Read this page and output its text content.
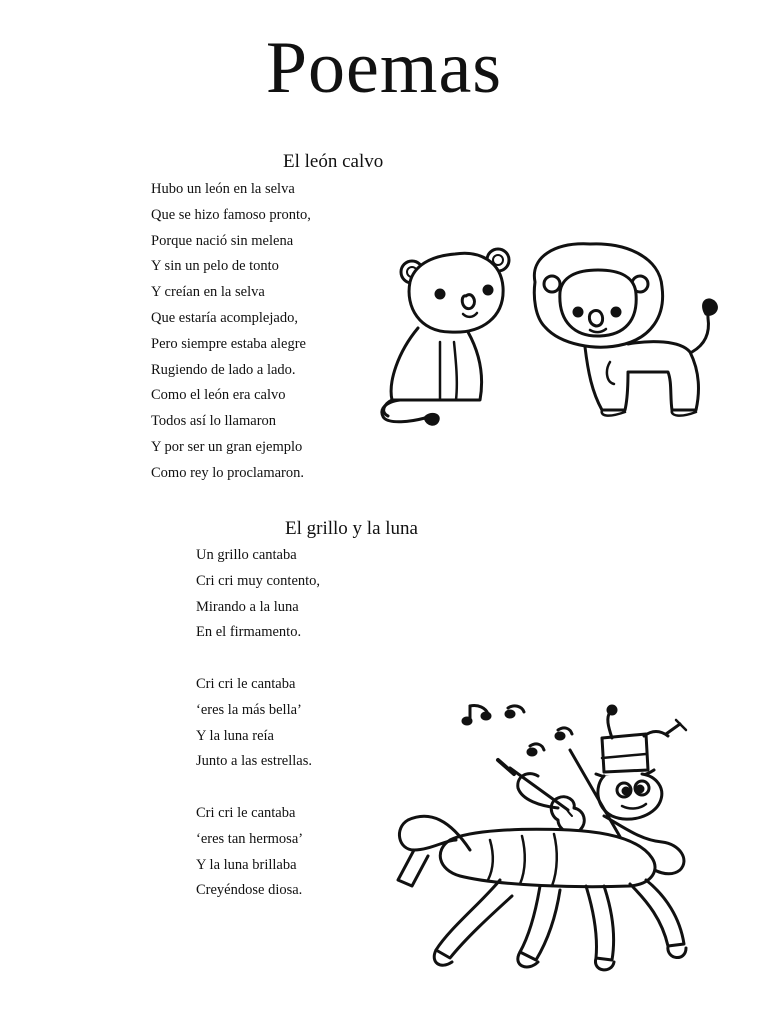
Poemas
El león calvo
Hubo un león en la selva
Que se hizo famoso pronto,
Porque nació sin melena
Y sin un pelo de tonto
Y creían en la selva
Que estaría acomplejado,
Pero siempre estaba alegre
Rugiendo de lado a lado.
Como el león era calvo
Todos así lo llamaron
Y por ser un gran ejemplo
Como rey lo proclamaron.
El grillo y la luna
Un grillo cantaba
Cri cri muy contento,
Mirando a la luna
En el firmamento.
Cri cri le cantaba
‘eres la más bella’
Y la luna reía
Junto a las estrellas.
Cri cri le cantaba
‘eres tan hermosa’
Y la luna brillaba
Creyéndose diosa.
